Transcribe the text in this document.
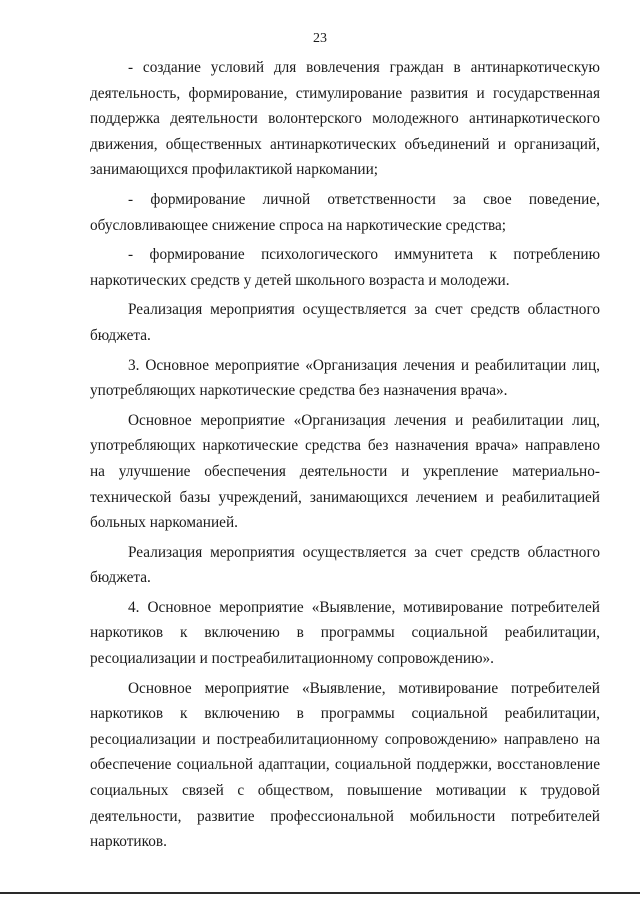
23

- создание условий для вовлечения граждан в антинаркотическую деятельность, формирование, стимулирование развития и государственная поддержка деятельности волонтерского молодежного антинаркотического движения, общественных антинаркотических объединений и организаций, занимающихся профилактикой наркомании;

- формирование личной ответственности за свое поведение, обусловливающее снижение спроса на наркотические средства;

- формирование психологического иммунитета к потреблению наркотических средств у детей школьного возраста и молодежи.

Реализация мероприятия осуществляется за счет средств областного бюджета.

3. Основное мероприятие «Организация лечения и реабилитации лиц, употребляющих наркотические средства без назначения врача».

Основное мероприятие «Организация лечения и реабилитации лиц, употребляющих наркотические средства без назначения врача» направлено на улучшение обеспечения деятельности и укрепление материально-технической базы учреждений, занимающихся лечением и реабилитацией больных наркоманией.

Реализация мероприятия осуществляется за счет средств областного бюджета.

4. Основное мероприятие «Выявление, мотивирование потребителей наркотиков к включению в программы социальной реабилитации, ресоциализации и постреабилитационному сопровождению».

Основное мероприятие «Выявление, мотивирование потребителей наркотиков к включению в программы социальной реабилитации, ресоциализации и постреабилитационному сопровождению» направлено на обеспечение социальной адаптации, социальной поддержки, восстановление социальных связей с обществом, повышение мотивации к трудовой деятельности, развитие профессиональной мобильности потребителей наркотиков.
